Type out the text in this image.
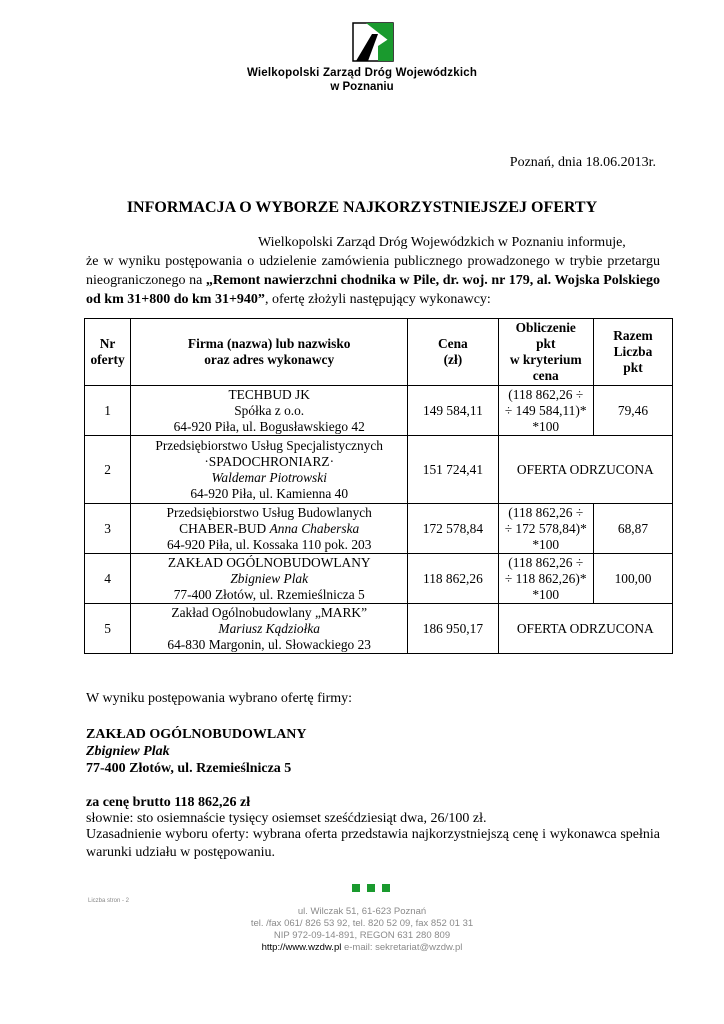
Wielkopolski Zarząd Dróg Wojewódzkich
w Poznaniu
Poznań, dnia 18.06.2013r.
INFORMACJA O WYBORZE NAJKORZYSTNIEJSZEJ OFERTY
Wielkopolski Zarząd Dróg Wojewódzkich w Poznaniu informuje,
że w wyniku postępowania o udzielenie zamówienia publicznego prowadzonego w trybie przetargu nieograniczonego na „Remont nawierzchni chodnika w Pile, dr. woj. nr 179, al. Wojska Polskiego od km 31+800 do km 31+940”, ofertę złożyli następujący wykonawcy:
Nr
oferty	Firma (nazwa) lub nazwisko
oraz adres wykonawcy	Cena
(zł)	Obliczenie
pkt
w kryterium
cena	Razem
Liczba
pkt
1	TECHBUD JK
Spółka z o.o.
64-920 Piła, ul. Bogusławskiego 42	149 584,11	(118 862,26 ÷
÷ 149 584,11)*
*100	79,46
2	Przedsiębiorstwo Usług Specjalistycznych
·SPADOCHRONIARZ·
Waldemar Piotrowski
64-920 Piła, ul. Kamienna 40	151 724,41	OFERTA ODRZUCONA	
3	Przedsiębiorstwo Usług Budowlanych
CHABER-BUD Anna Chaberska
64-920 Piła, ul. Kossaka 110 pok. 203	172 578,84	(118 862,26 ÷
÷ 172 578,84)*
*100	68,87
4	ZAKŁAD OGÓLNOBUDOWLANY
Zbigniew Plak
77-400 Złotów, ul. Rzemieślnicza 5	118 862,26	(118 862,26 ÷
÷ 118 862,26)*
*100	100,00
5	Zakład Ogólnobudowlany „MARK”
Mariusz Kądziołka
64-830 Margonin, ul. Słowackiego 23	186 950,17	OFERTA ODRZUCONA	
W wyniku postępowania wybrano ofertę firmy:
ZAKŁAD OGÓLNOBUDOWLANY
Zbigniew Plak
77-400 Złotów, ul. Rzemieślnicza 5
za cenę brutto 118 862,26 zł
słownie: sto osiemnaście tysięcy osiemset sześćdziesiąt dwa, 26/100 zł.
Uzasadnienie wyboru oferty: wybrana oferta przedstawia najkorzystniejszą cenę i wykonawca spełnia warunki udziału w postępowaniu.
Liczba stron - 2
ul. Wilczak 51, 61-623 Poznań
tel. /fax 061/ 826 53 92, tel. 820 52 09, fax 852 01 31
NIP 972-09-14-891, REGON 631 280 809
http://www.wzdw.pl e-mail: sekretariat@wzdw.pl
